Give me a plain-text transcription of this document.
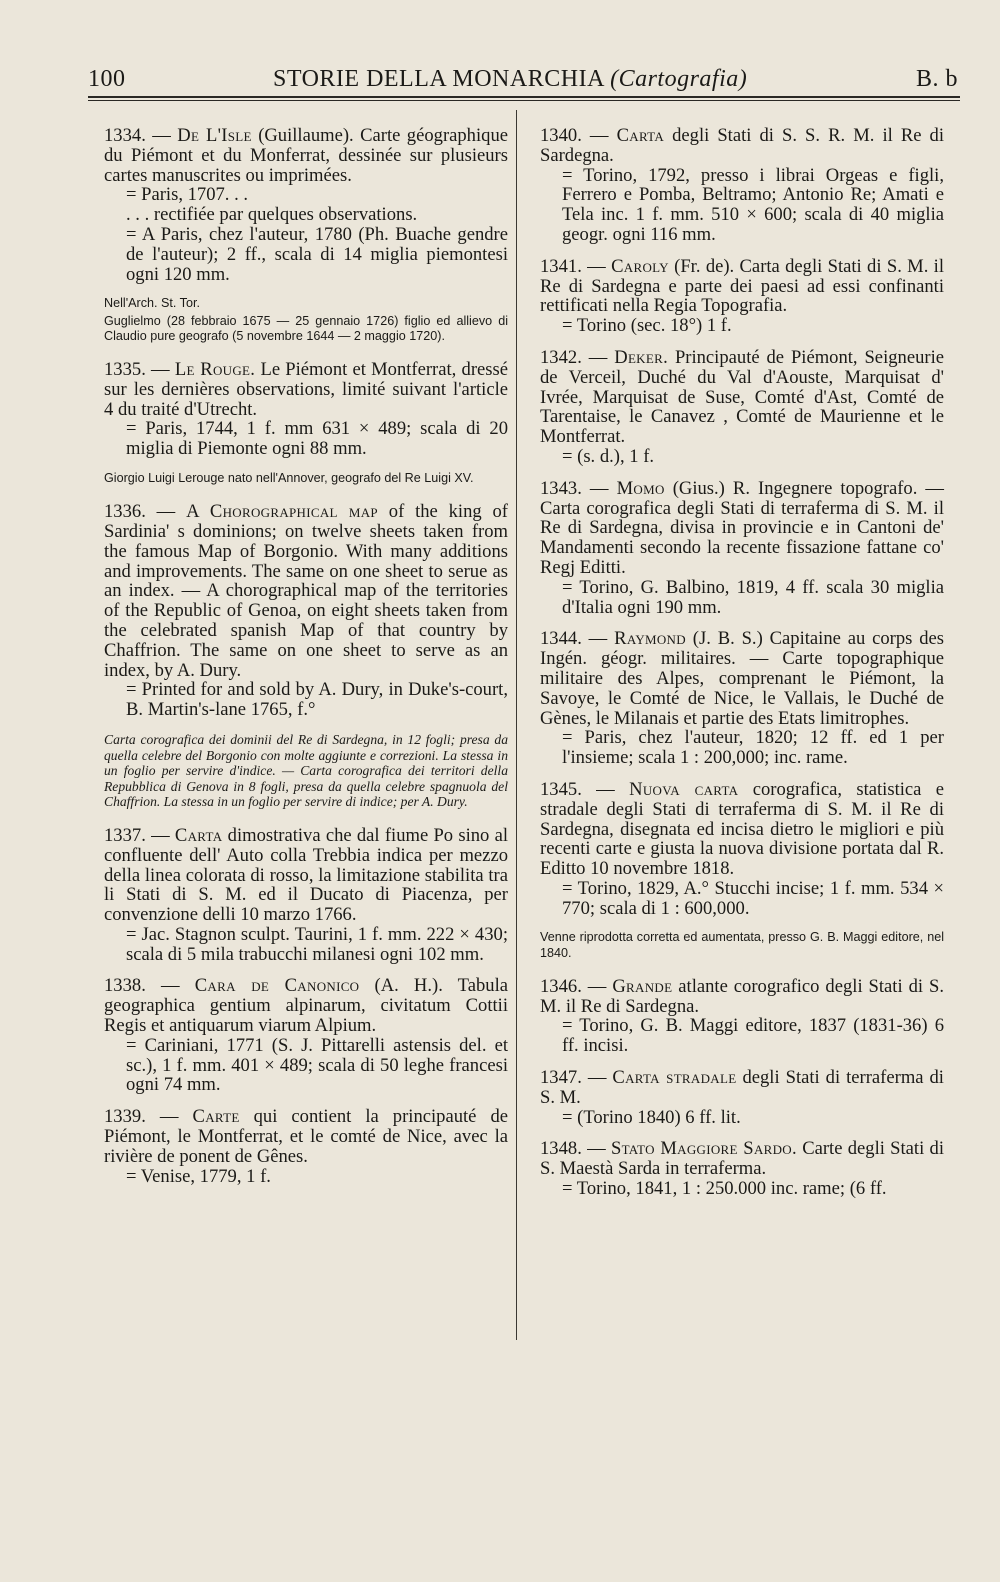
100	STORIE DELLA MONARCHIA (Cartografia)	B. b
1334. — De L'Isle (Guillaume). Carte géographique du Piémont et du Monferrat, dessinée sur plusieurs cartes manuscrites ou imprimées.
= Paris, 1707. . .
. . . rectifiée par quelques observations.
= A Paris, chez l'auteur, 1780 (Ph. Buache gendre de l'auteur); 2 ff., scala di 14 miglia piemontesi ogni 120 mm.
Nell'Arch. St. Tor.
Guglielmo (28 febbraio 1675 — 25 gennaio 1726) figlio ed allievo di Claudio pure geografo (5 novembre 1644 — 2 maggio 1720).
1335. — Le Rouge. Le Piémont et Montferrat, dressé sur les dernières observations, limité suivant l'article 4 du traité d'Utrecht.
= Paris, 1744, 1 f. mm 631 × 489; scala di 20 miglia di Piemonte ogni 88 mm.
Giorgio Luigi Lerouge nato nell'Annover, geografo del Re Luigi XV.
1336. — A Chorographical map of the king of Sardinia' s dominions; on twelve sheets taken from the famous Map of Borgonio. With many additions and improvements. The same on one sheet to serue as an index. — A chorographical map of the territories of the Republic of Genoa, on eight sheets taken from the celebrated spanish Map of that country by Chaffrion. The same on one sheet to serve as an index, by A. Dury.
= Printed for and sold by A. Dury, in Duke's-court, B. Martin's-lane 1765, f.°
Carta corografica dei dominii del Re di Sardegna, in 12 fogli; presa da quella celebre del Borgonio con molte aggiunte e correzioni. La stessa in un foglio per servire d'indice. — Carta corografica dei territori della Repubblica di Genova in 8 fogli, presa da quella celebre spagnuola del Chaffrion. La stessa in un foglio per servire di indice; per A. Dury.
1337. — Carta dimostrativa che dal fiume Po sino al confluente dell' Auto colla Trebbia indica per mezzo della linea colorata di rosso, la limitazione stabilita tra li Stati di S. M. ed il Ducato di Piacenza, per convenzione delli 10 marzo 1766.
= Jac. Stagnon sculpt. Taurini, 1 f. mm. 222 × 430; scala di 5 mila trabucchi milanesi ogni 102 mm.
1338. — Cara de Canonico (A. H.). Tabula geographica gentium alpinarum, civitatum Cottii Regis et antiquarum viarum Alpium.
= Cariniani, 1771 (S. J. Pittarelli astensis del. et sc.), 1 f. mm. 401 × 489; scala di 50 leghe francesi ogni 74 mm.
1339. — Carte qui contient la principauté de Piémont, le Montferrat, et le comté de Nice, avec la rivière de ponent de Gênes.
= Venise, 1779, 1 f.
1340. — Carta degli Stati di S. S. R. M. il Re di Sardegna.
= Torino, 1792, presso i librai Orgeas e figli, Ferrero e Pomba, Beltramo; Antonio Re; Amati e Tela inc. 1 f. mm. 510 × 600; scala di 40 miglia geogr. ogni 116 mm.
1341. — Caroly (Fr. de). Carta degli Stati di S. M. il Re di Sardegna e parte dei paesi ad essi confinanti rettificati nella Regia Topografia.
= Torino (sec. 18°) 1 f.
1342. — Deker. Principauté de Piémont, Seigneurie de Verceil, Duché du Val d'Aouste, Marquisat d' Ivrée, Marquisat de Suse, Comté d'Ast, Comté de Tarentaise, le Canavez , Comté de Maurienne et le Montferrat.
= (s. d.), 1 f.
1343. — Momo (Gius.) R. Ingegnere topografo. — Carta corografica degli Stati di terraferma di S. M. il Re di Sardegna, divisa in provincie e in Cantoni de' Mandamenti secondo la recente fissazione fattane co' Regj Editti.
= Torino, G. Balbino, 1819, 4 ff. scala 30 miglia d'Italia ogni 190 mm.
1344. — Raymond (J. B. S.) Capitaine au corps des Ingén. géogr. militaires. — Carte topographique militaire des Alpes, comprenant le Piémont, la Savoye, le Comté de Nice, le Vallais, le Duché de Gènes, le Milanais et partie des Etats limitrophes.
= Paris, chez l'auteur, 1820; 12 ff. ed 1 per l'insieme; scala 1 : 200,000; inc. rame.
1345. — Nuova carta corografica, statistica e stradale degli Stati di terraferma di S. M. il Re di Sardegna, disegnata ed incisa dietro le migliori e più recenti carte e giusta la nuova divisione portata dal R. Editto 10 novembre 1818.
= Torino, 1829, A.° Stucchi incise; 1 f. mm. 534 × 770; scala di 1 : 600,000.
Venne riprodotta corretta ed aumentata, presso G. B. Maggi editore, nel 1840.
1346. — Grande atlante corografico degli Stati di S. M. il Re di Sardegna.
= Torino, G. B. Maggi editore, 1837 (1831-36) 6 ff. incisi.
1347. — Carta stradale degli Stati di terraferma di S. M.
= (Torino 1840) 6 ff. lit.
1348. — Stato Maggiore Sardo. Carte degli Stati di S. Maestà Sarda in terraferma.
= Torino, 1841, 1 : 250.000 inc. rame; (6 ff.
